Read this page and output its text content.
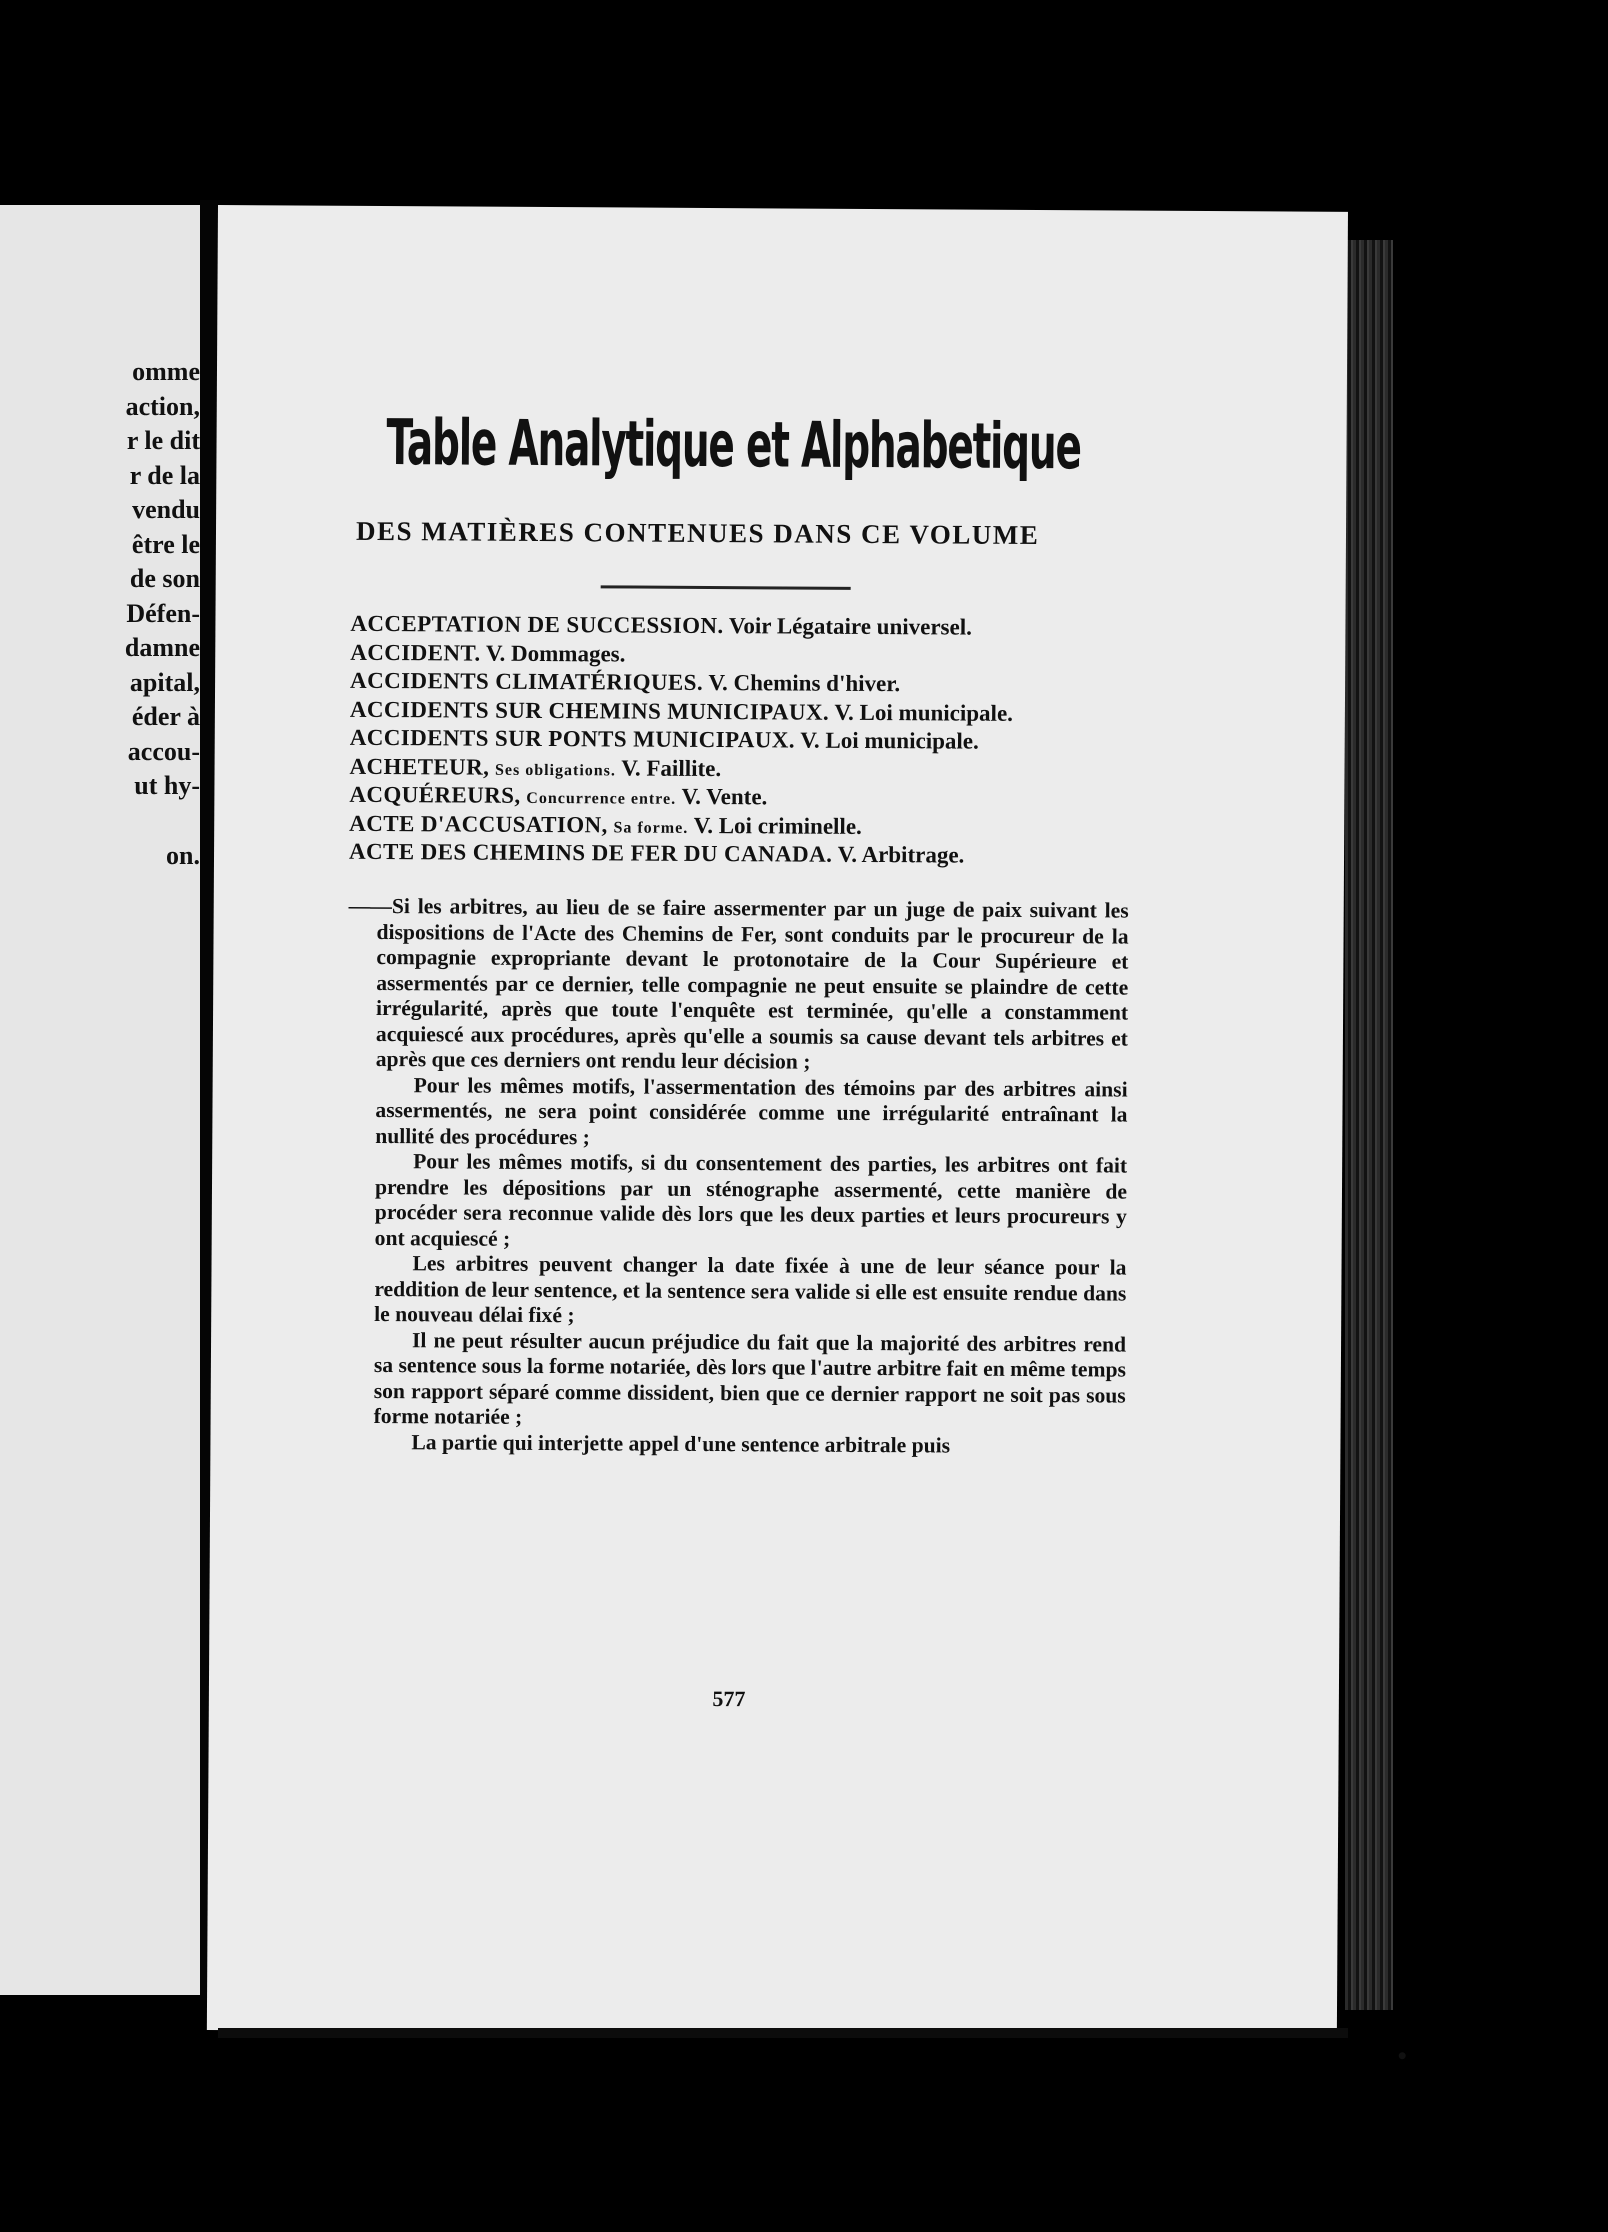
omme
action,
r le dit
r de la
vendu
être le
de son
Défen-
damne
apital,
éder à
accou-
ut hy-
on.
Table Analytique et Alphabetique
DES MATIÈRES CONTENUES DANS CE VOLUME
ACCEPTATION DE SUCCESSION. Voir Légataire universel.
ACCIDENT. V. Dommages.
ACCIDENTS CLIMATÉRIQUES. V. Chemins d'hiver.
ACCIDENTS SUR CHEMINS MUNICIPAUX. V. Loi municipale.
ACCIDENTS SUR PONTS MUNICIPAUX. V. Loi municipale.
ACHETEUR, Ses obligations. V. Faillite.
ACQUÉREURS, Concurrence entre. V. Vente.
ACTE D'ACCUSATION, Sa forme. V. Loi criminelle.
ACTE DES CHEMINS DE FER DU CANADA. V. Arbitrage.

——Si les arbitres, au lieu de se faire assermenter par un juge de paix suivant les dispositions de l'Acte des Chemins de Fer, sont conduits par le procureur de la compagnie expropriante devant le protonotaire de la Cour Supérieure et assermentés par ce dernier, telle compagnie ne peut ensuite se plaindre de cette irrégularité, après que toute l'enquête est terminée, qu'elle a constamment acquiescé aux procédures, après qu'elle a soumis sa cause devant tels arbitres et après que ces derniers ont rendu leur décision ;

Pour les mêmes motifs, l'assermentation des témoins par des arbitres ainsi assermentés, ne sera point considérée comme une irrégularité entraînant la nullité des procédures ;

Pour les mêmes motifs, si du consentement des parties, les arbitres ont fait prendre les dépositions par un sténographe assermenté, cette manière de procéder sera reconnue valide dès lors que les deux parties et leurs procureurs y ont acquiescé ;

Les arbitres peuvent changer la date fixée à une de leur séance pour la reddition de leur sentence, et la sentence sera valide si elle est ensuite rendue dans le nouveau délai fixé ;

Il ne peut résulter aucun préjudice du fait que la majorité des arbitres rend sa sentence sous la forme notariée, dès lors que l'autre arbitre fait en même temps son rapport séparé comme dissident, bien que ce dernier rapport ne soit pas sous forme notariée ;

La partie qui interjette appel d'une sentence arbitrale puis

577
